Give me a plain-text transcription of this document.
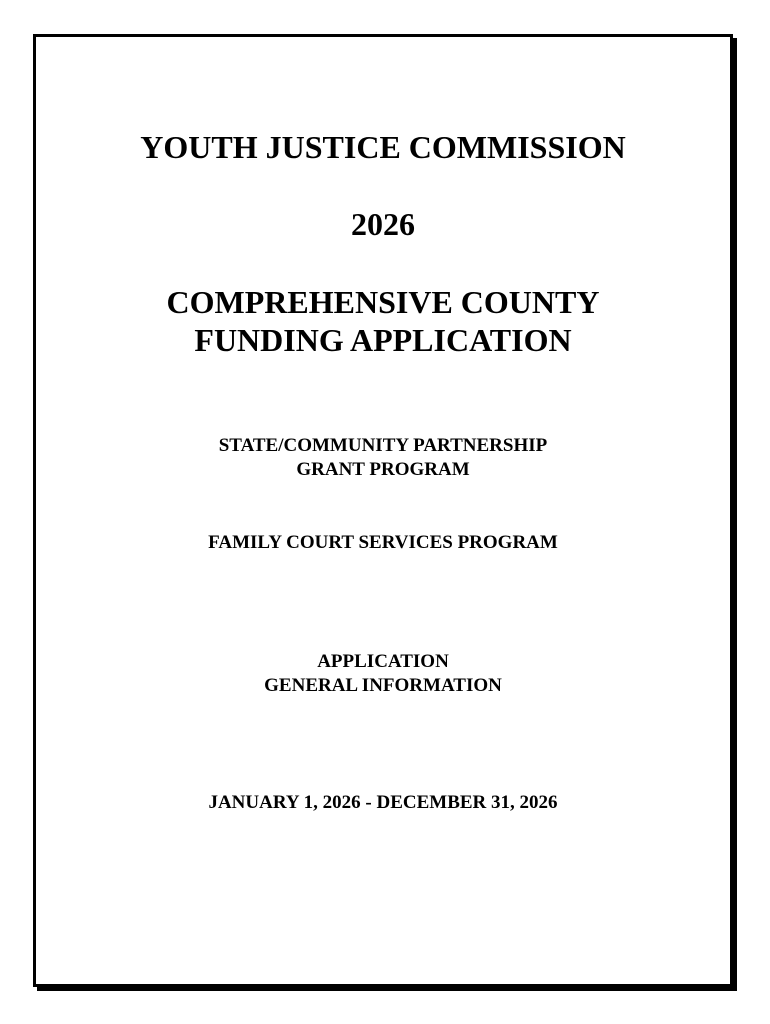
YOUTH JUSTICE COMMISSION
2026
COMPREHENSIVE COUNTY
FUNDING APPLICATION
STATE/COMMUNITY PARTNERSHIP
GRANT PROGRAM
FAMILY COURT SERVICES PROGRAM
APPLICATION
GENERAL INFORMATION
JANUARY 1, 2026 - DECEMBER 31, 2026
